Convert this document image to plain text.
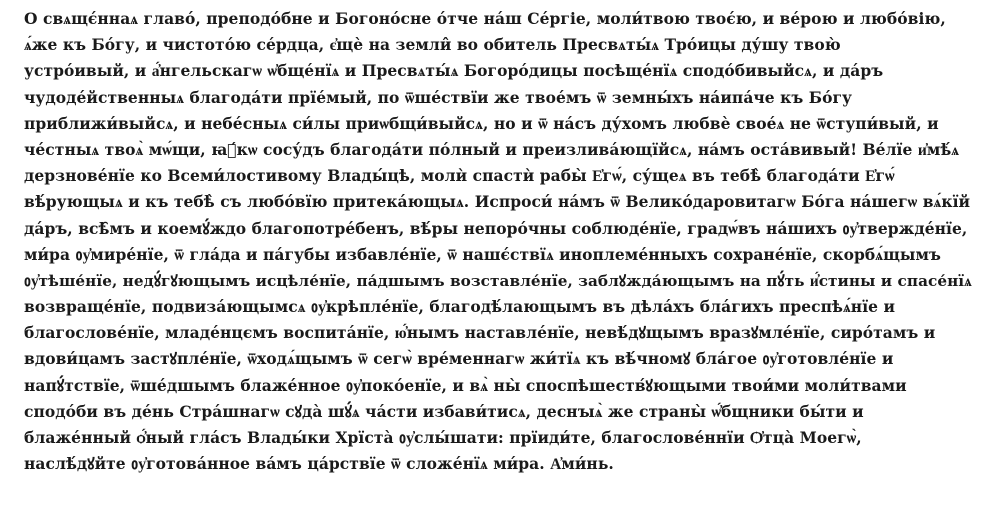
О свѧщє́ннаѧ главо́, преподо́бне и Богоно́сне о́тче на́ш Се́ргіе, моли́твою твоє́ю, и ве́рою и любо́вію,
ѧ́же къ Бо́гу, и чистото́ю се́рдца, є҆щѐ на земли̂ во обитель Пресвѧты́ѧ Тро́ицы ду́шу твою̀
устро́ивый, и а҆́нгельскагѡ ѡ҆бще́нїѧ и Пресвѧты́ѧ Богоро́дицы посѣще́нїѧ сподо́бивыйсѧ, и да́ръ
чудоде́йственныѧ благода́ти прїе́мый, по ѿше́ствїи же твое́мъ ѿ земны́хъ на́ипа́че къ Бо́гу
приближи́выйсѧ, и небе́сныѧ си́лы приѡбщи́выйсѧ, но и ѿ на́съ ду́хомъ любвѐ свое́ѧ не ѿступи́вый, и
че́стныѧ твоѧ̀ мѡ́щи, ꙗ҆́кѡ сосу́дъ благода́ти по́лный и преизлива́ющїйсѧ, на́мъ оста́вивый! Ве́лїе и҆мѣ́ѧ
дерзнове́нїе ко Всеми́лостивому Влады́цѣ, молѝ спастѝ рабы̀ Е҆гѡ́, су́щеѧ въ тебѣ̀ благода́ти Е҆гѡ́
вѣ́рующыѧ и къ тебѣ̀ съ любо́вїю притека́ющыѧ. Испроси́ на́мъ ѿ Велико́даровитагѡ Бо́га на́шегѡ вѧ́кїй
да́ръ, всѣ̑мъ и коемꙋ́ждо благопотре́бенъ, вѣ́ры непоро́чны соблюде́нїе, градѡ́въ на́шихъ ᲂу҆твержде́нїе,
ми́ра ᲂу҆мире́нїе, ѿ гла́да и па́губы избавле́нїе, ѿ нашє́ствїѧ иноплеме́нныхъ сохране́нїе, скорбѧ́щымъ
ᲂу҆тѣше́нїе, недꙋ́гꙋющымъ исцѣле́нїе, па́дшымъ возставле́нїе, заблꙋжда́ющымъ на пꙋ́ть и҆́стины и спасе́нїѧ
возвраще́нїе, подвиза́ющымсѧ ᲂу҆крѣпле́нїе, благодѣ́лающымъ въ дѣла́хъ бла́гихъ преспѣѧ́нїе и
благослове́нїе, младе́нцємъ воспита́нїе, ю҆́нымъ наставле́нїе, невѣ́дꙋщымъ вразꙋмле́нїе, сиро́тамъ и
вдови́цамъ застꙋпле́нїе, ѿходѧ́щымъ ѿ сегѡ̀ вре́меннагѡ жи́тїѧ къ вѣ́чномꙋ бла́гое ᲂу҆готовле́нїе и
напꙋ́тствїе, ѿше́дшымъ блаже́нное ᲂу҆поко́енїе, и вѧ̀ ны̀ споспѣшеств́ꙋющыми твои́ми моли́твами
сподо́би въ де́нь Стра́шнагѡ сꙋда̀ шꙋ́ѧ ча́сти избави́тисѧ, деснꙑѧ̀ же страны̀ ѡ҆́бщники бы́ти и
блаже́нный ѻ҆́ный гла́съ Влады́ки Хрїста̀ ᲂу҆слы́шати: прїиди́те, благослове́ннїи Ѻ҆тца̀ Моегѡ̀,
наслѣ́дꙋйте ᲂу҆готова́нное ва́мъ ца́рствїе ѿ сложе́нїѧ ми́ра. А҆ми́нь.
